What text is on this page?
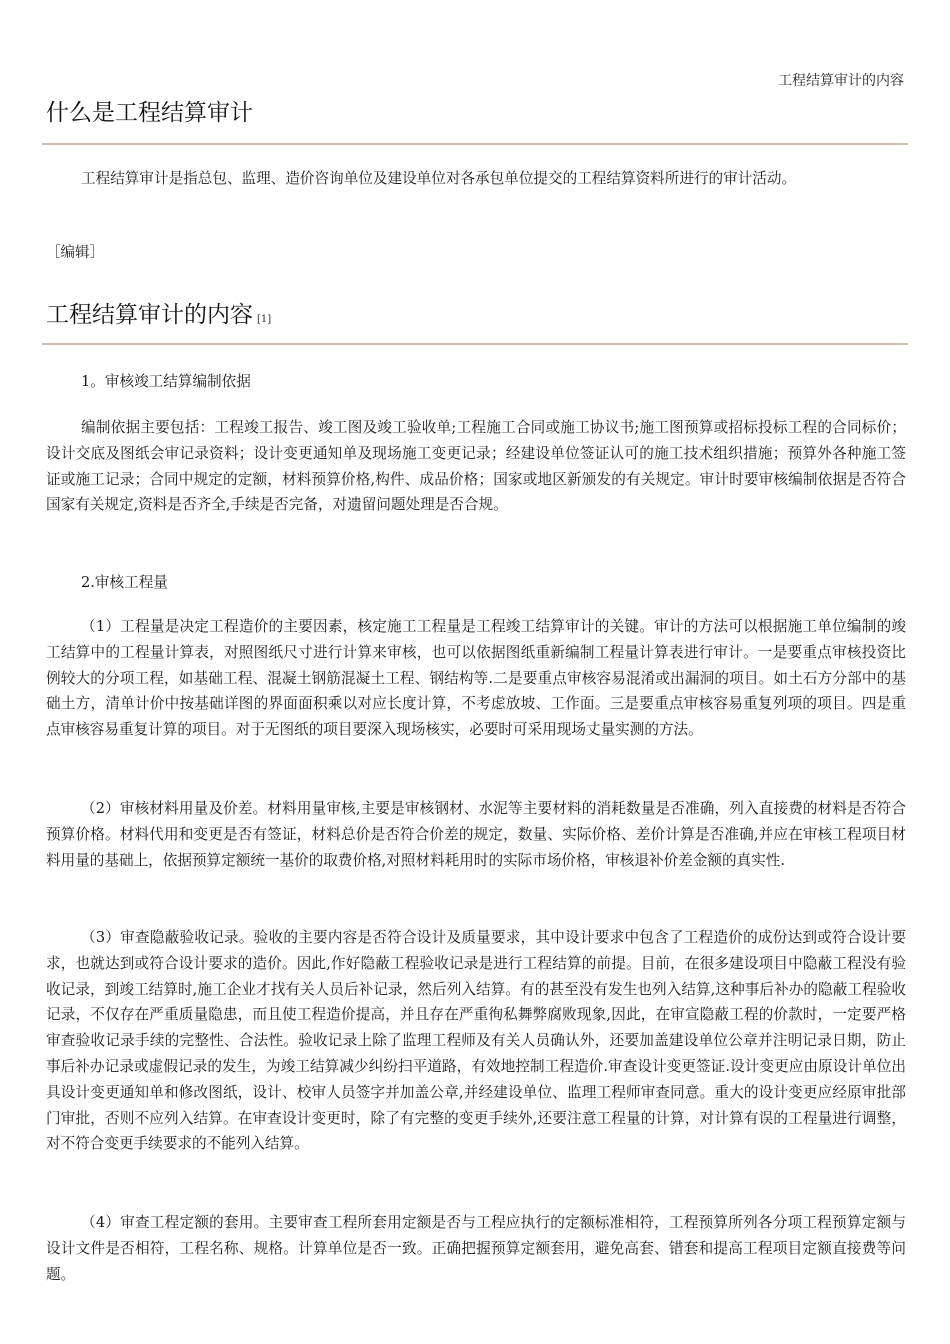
工程结算审计的内容
什么是工程结算审计

工程结算审计是指总包、监理、造价咨询单位及建设单位对各承包单位提交的工程结算资料所进行的审计活动。

［编辑］
工程结算审计的内容 [1]

1。审核竣工结算编制依据

编制依据主要包括：工程竣工报告、竣工图及竣工验收单;工程施工合同或施工协议书;施工图预算或招标投标工程的合同标价；设计交底及图纸会审记录资料；设计变更通知单及现场施工变更记录；经建设单位签证认可的施工技术组织措施；预算外各种施工签证或施工记录；合同中规定的定额，材料预算价格,构件、成品价格；国家或地区新颁发的有关规定。审计时要审核编制依据是否符合国家有关规定,资料是否齐全,手续是否完备，对遗留问题处理是否合规。

2.审核工程量

（1）工程量是决定工程造价的主要因素，核定施工工程量是工程竣工结算审计的关键。审计的方法可以根据施工单位编制的竣工结算中的工程量计算表，对照图纸尺寸进行计算来审核，也可以依据图纸重新编制工程量计算表进行审计。一是要重点审核投资比例较大的分项工程，如基础工程、混凝土钢筋混凝土工程、钢结构等.二是要重点审核容易混淆或出漏洞的项目。如土石方分部中的基础土方，清单计价中按基础详图的界面面积乘以对应长度计算，不考虑放坡、工作面。三是要重点审核容易重复列项的项目。四是重点审核容易重复计算的项目。对于无图纸的项目要深入现场核实，必要时可采用现场丈量实测的方法。

（2）审核材料用量及价差。材料用量审核,主要是审核钢材、水泥等主要材料的消耗数量是否准确，列入直接费的材料是否符合预算价格。材料代用和变更是否有签证，材料总价是否符合价差的规定，数量、实际价格、差价计算是否准确,并应在审核工程项目材料用量的基础上，依据预算定额统一基价的取费价格,对照材料耗用时的实际市场价格，审核退补价差金额的真实性.

（3）审查隐蔽验收记录。验收的主要内容是否符合设计及质量要求，其中设计要求中包含了工程造价的成份达到或符合设计要求，也就达到或符合设计要求的造价。因此,作好隐蔽工程验收记录是进行工程结算的前提。目前，在很多建设项目中隐蔽工程没有验收记录，到竣工结算时,施工企业才找有关人员后补记录，然后列入结算。有的甚至没有发生也列入结算,这种事后补办的隐蔽工程验收记录，不仅存在严重质量隐患，而且使工程造价提高，并且存在严重徇私舞弊腐败现象,因此，在审宣隐蔽工程的价款时，一定要严格审查验收记录手续的完整性、合法性。验收记录上除了监理工程师及有关人员确认外，还要加盖建设单位公章并注明记录日期，防止事后补办记录或虚假记录的发生，为竣工结算减少纠纷扫平道路，有效地控制工程造价.审查设计变更签证.设计变更应由原设计单位出具设计变更通知单和修改图纸，设计、校审人员签字并加盖公章,并经建设单位、监理工程师审查同意。重大的设计变更应经原审批部门审批，否则不应列入结算。在审查设计变更时，除了有完整的变更手续外,还要注意工程量的计算，对计算有误的工程量进行调整，对不符合变更手续要求的不能列入结算。

（4）审查工程定额的套用。主要审查工程所套用定额是否与工程应执行的定额标准相符，工程预算所列各分项工程预算定额与设计文件是否相符，工程名称、规格。计算单位是否一致。正确把握预算定额套用，避免高套、错套和提高工程项目定额直接费等问题。
